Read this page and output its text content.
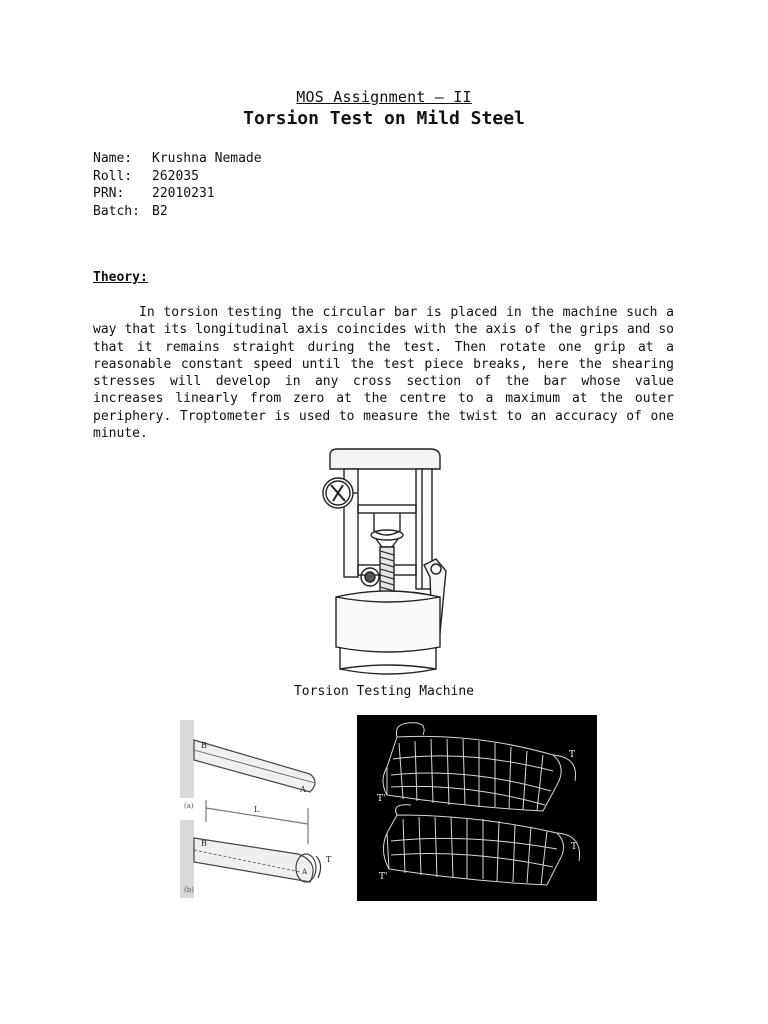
MOS Assignment – II
Torsion Test on Mild Steel
Name: Krushna Nemade
Roll: 262035
PRN: 22010231
Batch: B2
Theory:

In torsion testing the circular bar is placed in the machine such a way that its longitudinal axis coincides with the axis of the grips and so that it remains straight during the test. Then rotate one grip at a reasonable constant speed until the test piece breaks, here the shearing stresses will develop in any cross section of the bar whose value increases linearly from zero at the centre to a maximum at the outer periphery. Troptometer is used to measure the twist to an accuracy of one minute.

Torsion Testing Machine
B
A
(a)	L
B
A
T
(b)
T
T'
T
T'
